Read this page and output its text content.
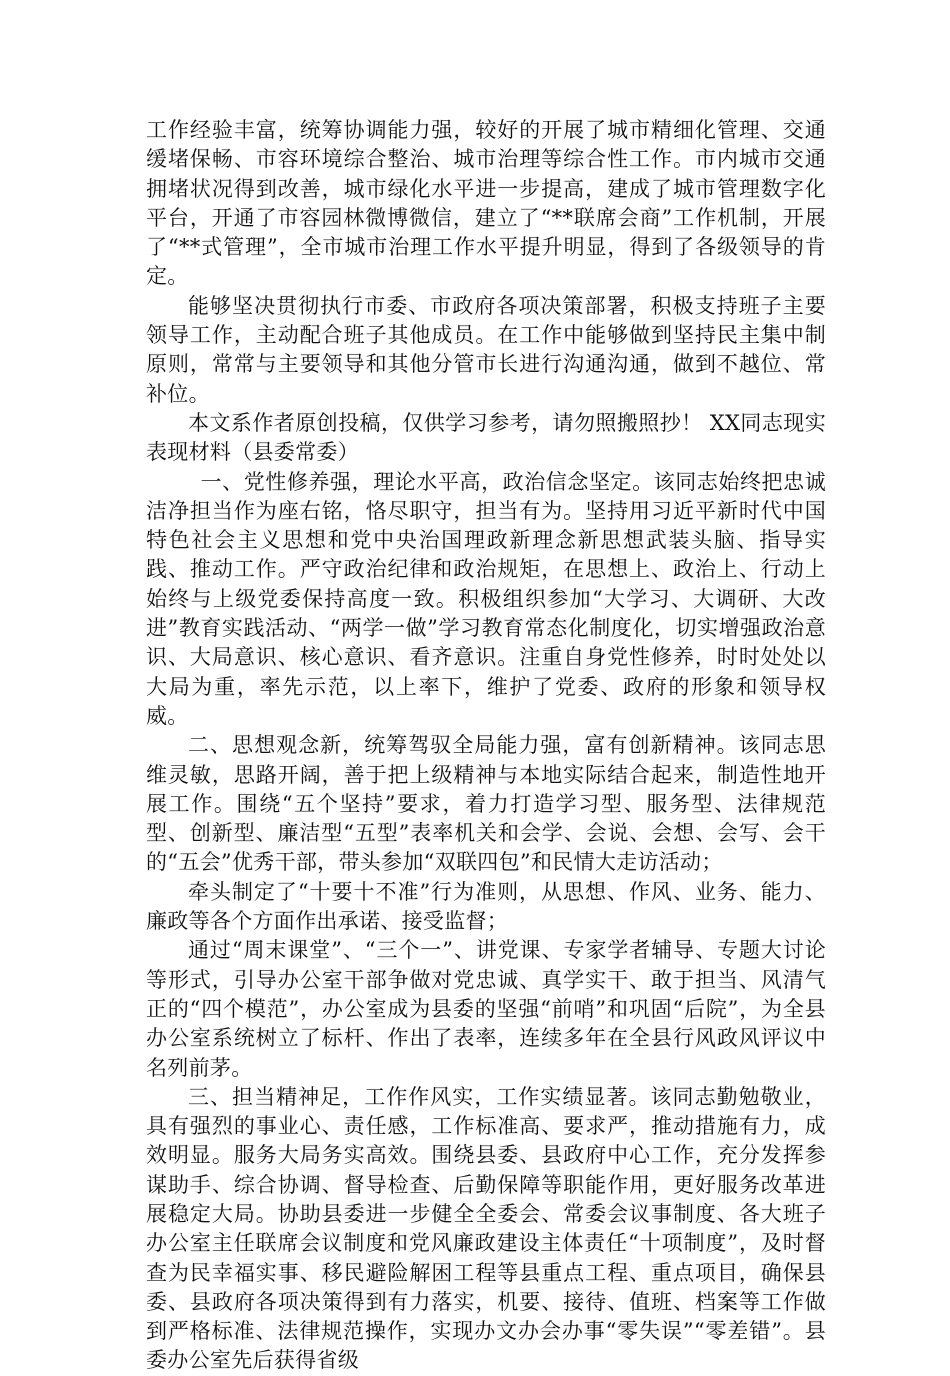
工作经验丰富，统筹协调能力强，较好的开展了城市精细化管理、交通缓堵保畅、市容环境综合整治、城市治理等综合性工作。市内城市交通拥堵状况得到改善，城市绿化水平进一步提高，建成了城市管理数字化平台，开通了市容园林微博微信，建立了“**联席会商”工作机制，开展了“**式管理”，全市城市治理工作水平提升明显，得到了各级领导的肯定。

能够坚决贯彻执行市委、市政府各项决策部署，积极支持班子主要领导工作，主动配合班子其他成员。在工作中能够做到坚持民主集中制原则，常常与主要领导和其他分管市长进行沟通沟通，做到不越位、常补位。

本文系作者原创投稿，仅供学习参考，请勿照搬照抄！ XX同志现实表现材料（县委常委）

一、党性修养强，理论水平高，政治信念坚定。该同志始终把忠诚洁净担当作为座右铭，恪尽职守，担当有为。坚持用习近平新时代中国特色社会主义思想和党中央治国理政新理念新思想武装头脑、指导实践、推动工作。严守政治纪律和政治规矩，在思想上、政治上、行动上始终与上级党委保持高度一致。积极组织参加“大学习、大调研、大改进”教育实践活动、“两学一做”学习教育常态化制度化，切实增强政治意识、大局意识、核心意识、看齐意识。注重自身党性修养，时时处处以大局为重，率先示范，以上率下，维护了党委、政府的形象和领导权威。

二、思想观念新，统筹驾驭全局能力强，富有创新精神。该同志思维灵敏，思路开阔，善于把上级精神与本地实际结合起来，制造性地开展工作。围绕“五个坚持”要求，着力打造学习型、服务型、法律规范型、创新型、廉洁型“五型”表率机关和会学、会说、会想、会写、会干的“五会”优秀干部，带头参加“双联四包”和民情大走访活动；

牵头制定了“十要十不准”行为准则，从思想、作风、业务、能力、廉政等各个方面作出承诺、接受监督；

通过“周末课堂”、“三个一”、讲党课、专家学者辅导、专题大讨论等形式，引导办公室干部争做对党忠诚、真学实干、敢于担当、风清气正的“四个模范”，办公室成为县委的坚强“前哨”和巩固“后院”，为全县办公室系统树立了标杆、作出了表率，连续多年在全县行风政风评议中名列前茅。

三、担当精神足，工作作风实，工作实绩显著。该同志勤勉敬业，具有强烈的事业心、责任感，工作标准高、要求严，推动措施有力，成效明显。服务大局务实高效。围绕县委、县政府中心工作，充分发挥参谋助手、综合协调、督导检查、后勤保障等职能作用，更好服务改革进展稳定大局。协助县委进一步健全全委会、常委会议事制度、各大班子办公室主任联席会议制度和党风廉政建设主体责任“十项制度”，及时督查为民幸福实事、移民避险解困工程等县重点工程、重点项目，确保县委、县政府各项决策得到有力落实，机要、接待、值班、档案等工作做到严格标准、法律规范操作，实现办文办会办事“零失误”“零差错”。县委办公室先后获得省级
